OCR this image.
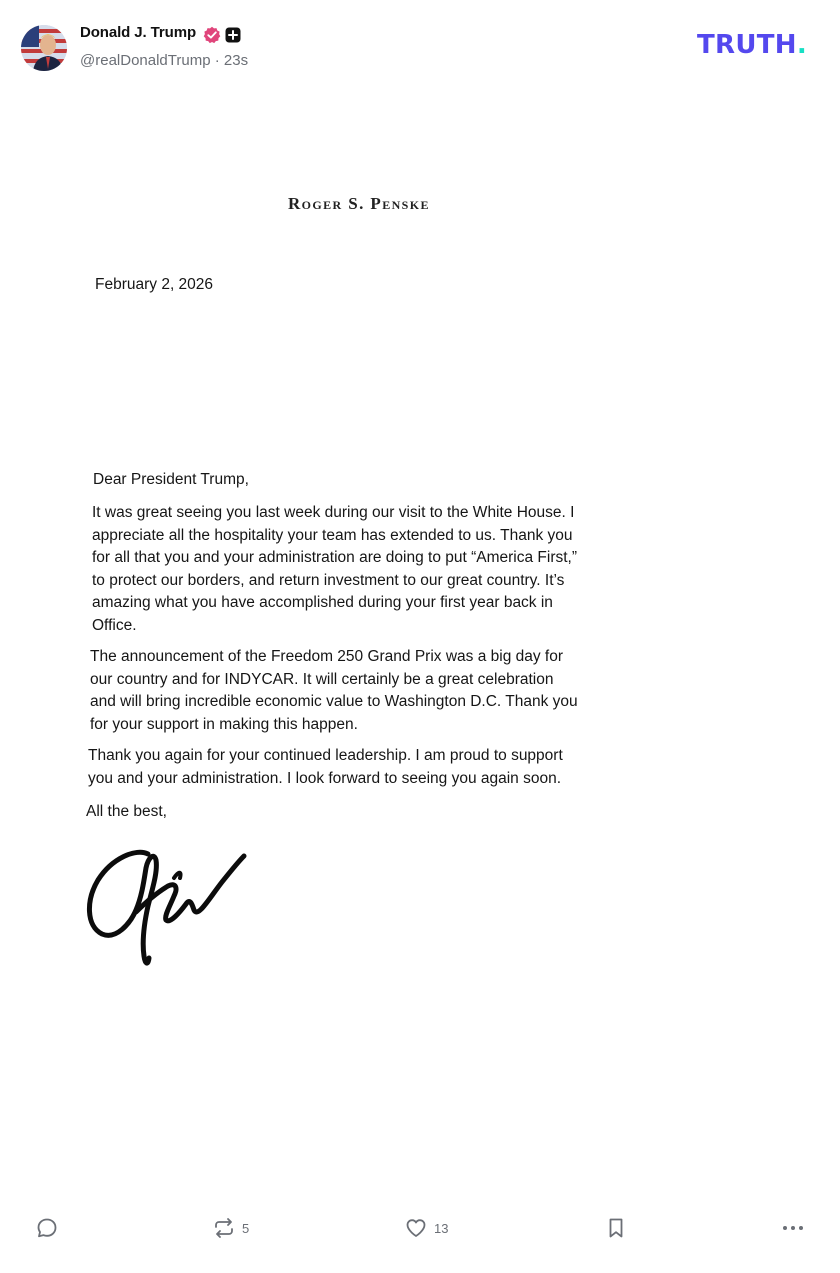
Donald J. Trump
@realDonaldTrump · 23s
TRUTH.
Roger S. Penske
February 2, 2026
Dear President Trump,
It was great seeing you last week during our visit to the White House. I
appreciate all the hospitality your team has extended to us. Thank you
for all that you and your administration are doing to put “America First,”
to protect our borders, and return investment to our great country. It’s
amazing what you have accomplished during your first year back in
Office.
The announcement of the Freedom 250 Grand Prix was a big day for
our country and for INDYCAR. It will certainly be a great celebration
and will bring incredible economic value to Washington D.C. Thank you
for your support in making this happen.
Thank you again for your continued leadership. I am proud to support
you and your administration. I look forward to seeing you again soon.
All the best,
5	13
